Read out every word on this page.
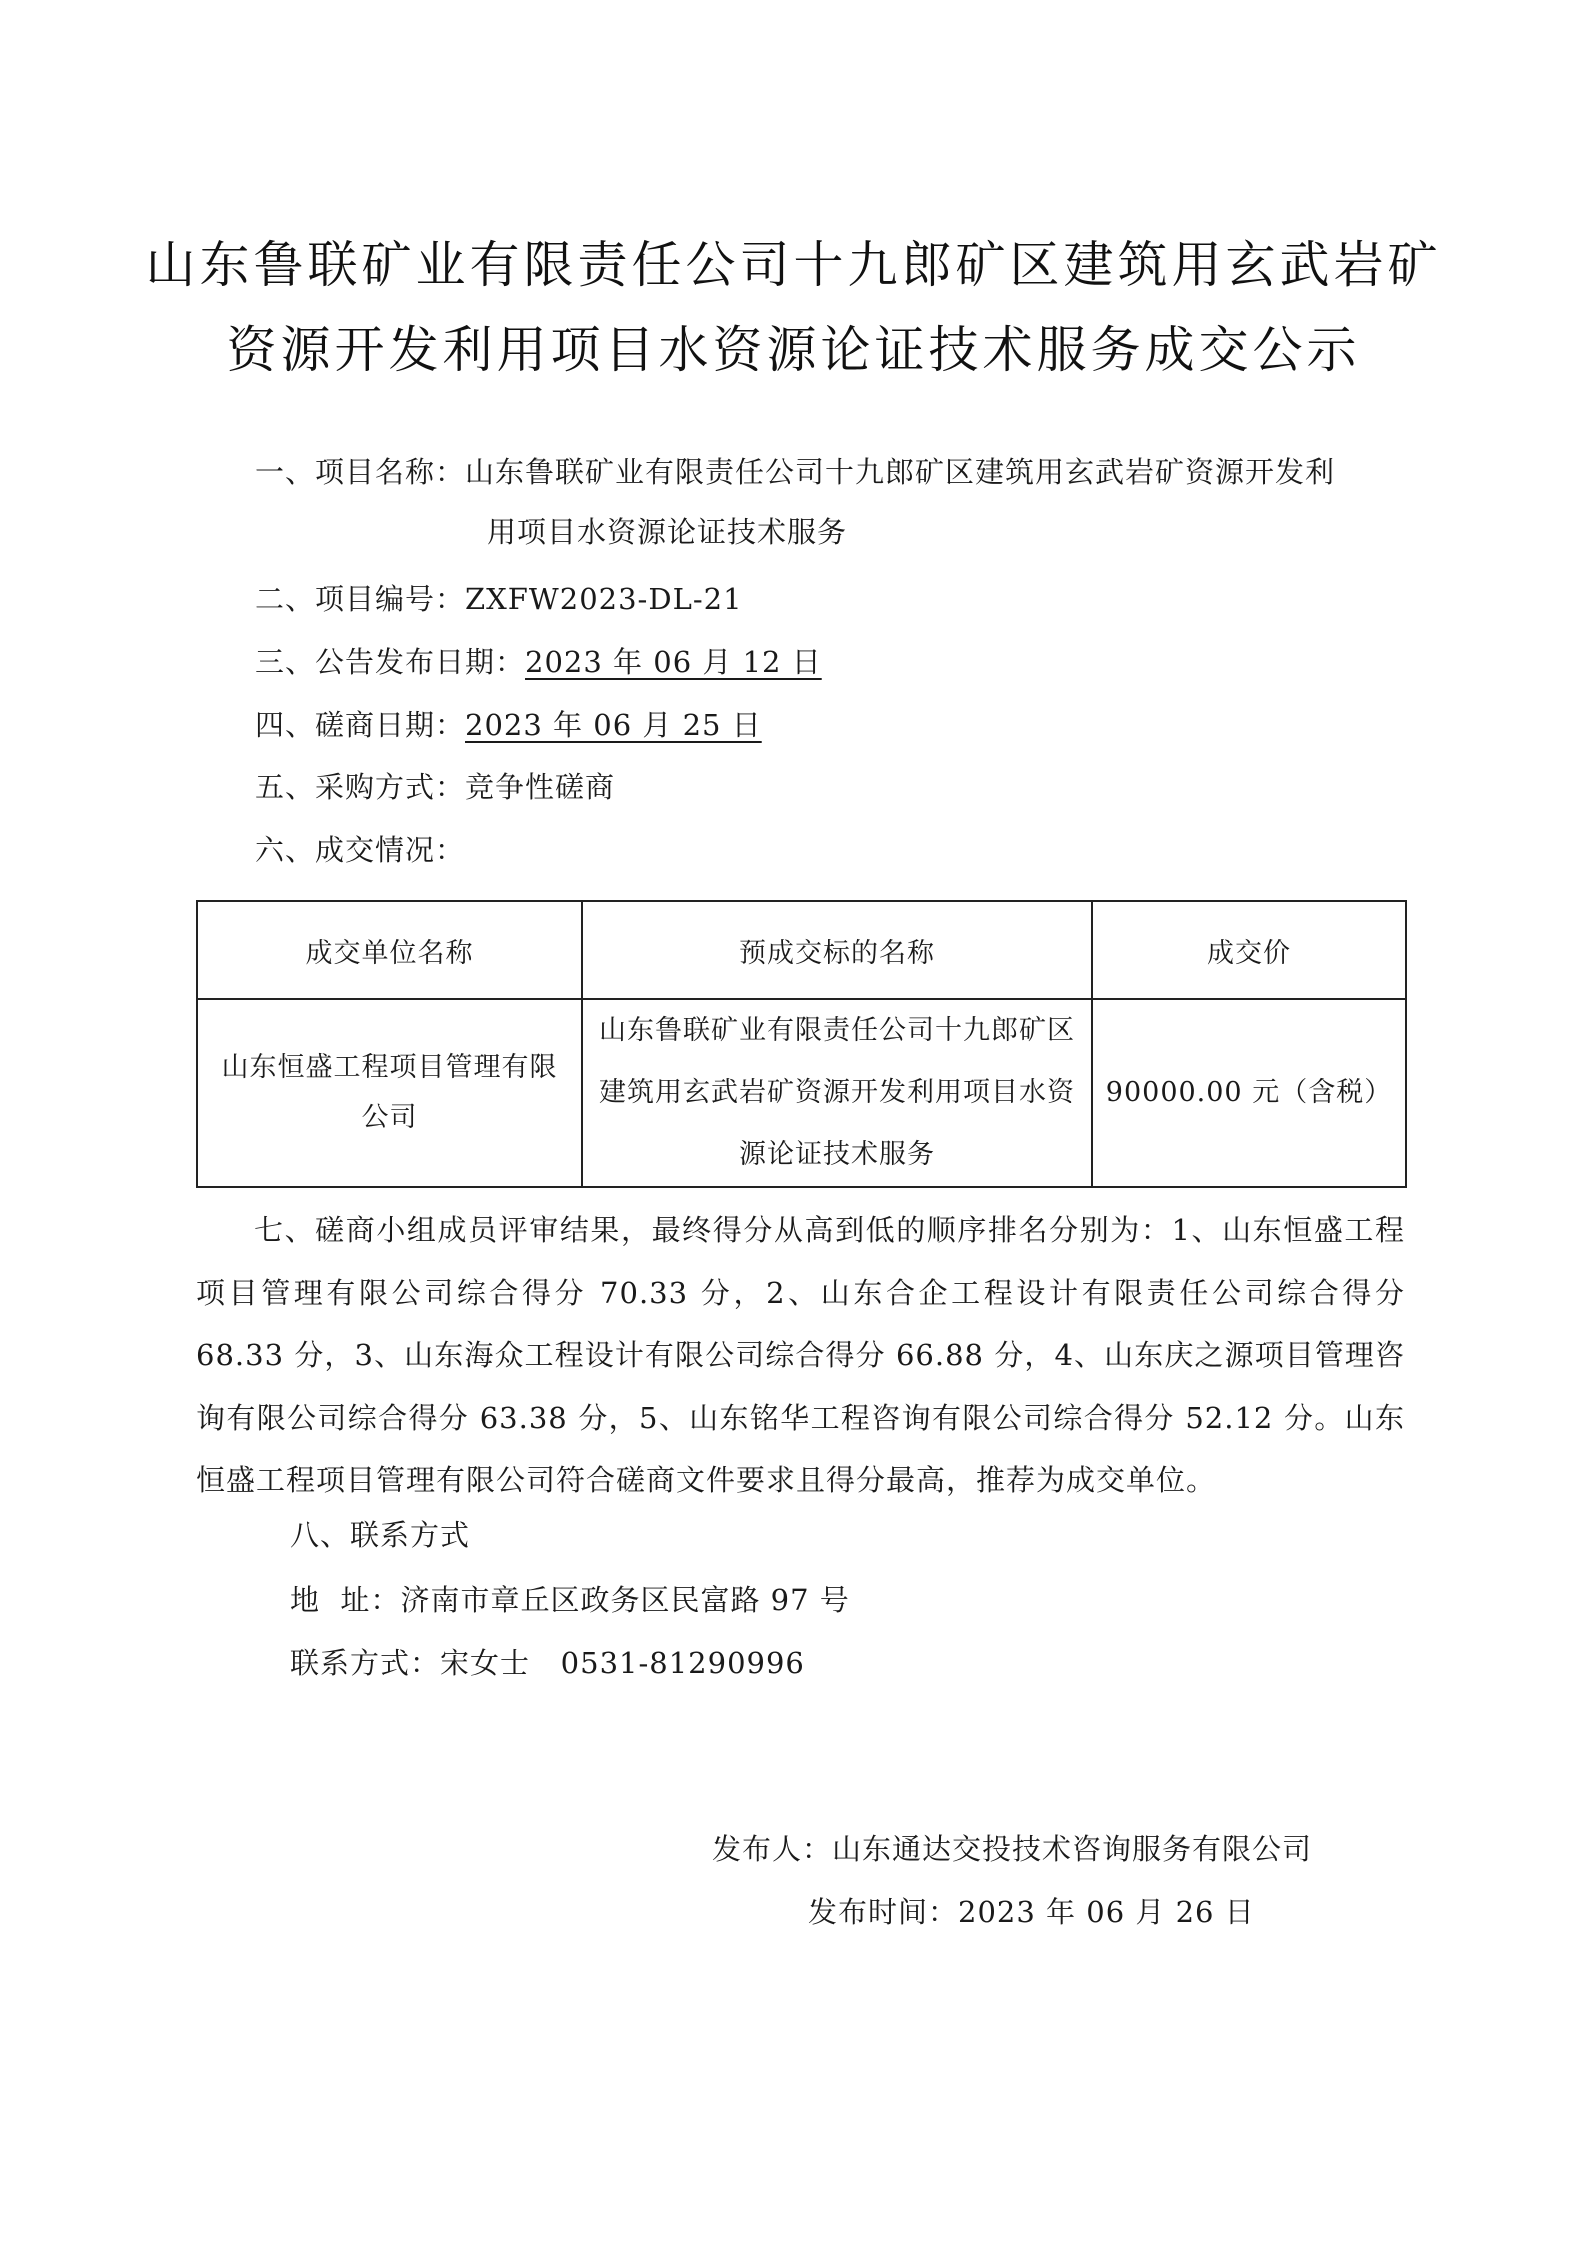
山东鲁联矿业有限责任公司十九郎矿区建筑用玄武岩矿
资源开发利用项目水资源论证技术服务成交公示
一、项目名称：山东鲁联矿业有限责任公司十九郎矿区建筑用玄武岩矿资源开发利
用项目水资源论证技术服务
二、项目编号：ZXFW2023-DL-21
三、公告发布日期：2023 年 06 月 12 日
四、磋商日期：2023 年 06 月 25 日
五、采购方式：竞争性磋商
六、成交情况：
成交单位名称	预成交标的名称	成交价
山东恒盛工程项目管理有限公司	山东鲁联矿业有限责任公司十九郎矿区建筑用玄武岩矿资源开发利用项目水资源论证技术服务	90000.00 元（含税）
七、磋商小组成员评审结果，最终得分从高到低的顺序排名分别为：1、山东恒盛工程项目管理有限公司综合得分 70.33 分，2、山东合企工程设计有限责任公司综合得分 68.33 分，3、山东海众工程设计有限公司综合得分 66.88 分，4、山东庆之源项目管理咨询有限公司综合得分 63.38 分，5、山东铭华工程咨询有限公司综合得分 52.12 分。山东恒盛工程项目管理有限公司符合磋商文件要求且得分最高，推荐为成交单位。
八、联系方式
地  址：济南市章丘区政务区民富路 97 号
联系方式：宋女士   0531-81290996
发布人：山东通达交投技术咨询服务有限公司
发布时间：2023 年 06 月 26 日
